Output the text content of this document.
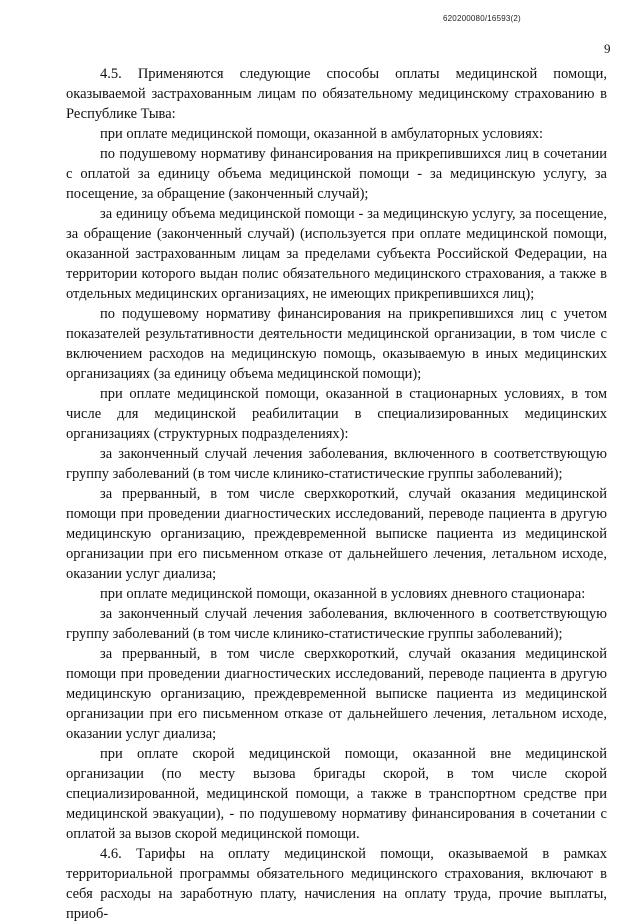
620200080/16593(2)
9

4.5. Применяются следующие способы оплаты медицинской помощи, оказываемой застрахованным лицам по обязательному медицинскому страхованию в Республике Тыва:

при оплате медицинской помощи, оказанной в амбулаторных условиях:

по подушевому нормативу финансирования на прикрепившихся лиц в сочетании с оплатой за единицу объема медицинской помощи - за медицинскую услугу, за посещение, за обращение (законченный случай);

за единицу объема медицинской помощи - за медицинскую услугу, за посещение, за обращение (законченный случай) (используется при оплате медицинской помощи, оказанной застрахованным лицам за пределами субъекта Российской Федерации, на территории которого выдан полис обязательного медицинского страхования, а также в отдельных медицинских организациях, не имеющих прикрепившихся лиц);

по подушевому нормативу финансирования на прикрепившихся лиц с учетом показателей результативности деятельности медицинской организации, в том числе с включением расходов на медицинскую помощь, оказываемую в иных медицинских организациях (за единицу объема медицинской помощи);

при оплате медицинской помощи, оказанной в стационарных условиях, в том числе для медицинской реабилитации в специализированных медицинских организациях (структурных подразделениях):

за законченный случай лечения заболевания, включенного в соответствующую группу заболеваний (в том числе клинико-статистические группы заболеваний);

за прерванный, в том числе сверхкороткий, случай оказания медицинской помощи при проведении диагностических исследований, переводе пациента в другую медицинскую организацию, преждевременной выписке пациента из медицинской организации при его письменном отказе от дальнейшего лечения, летальном исходе, оказании услуг диализа;

при оплате медицинской помощи, оказанной в условиях дневного стационара:

за законченный случай лечения заболевания, включенного в соответствующую группу заболеваний (в том числе клинико-статистические группы заболеваний);

за прерванный, в том числе сверхкороткий, случай оказания медицинской помощи при проведении диагностических исследований, переводе пациента в другую медицинскую организацию, преждевременной выписке пациента из медицинской организации при его письменном отказе от дальнейшего лечения, летальном исходе, оказании услуг диализа;

при оплате скорой медицинской помощи, оказанной вне медицинской организации (по месту вызова бригады скорой, в том числе скорой специализированной, медицинской помощи, а также в транспортном средстве при медицинской эвакуации), - по подушевому нормативу финансирования в сочетании с оплатой за вызов скорой медицинской помощи.

4.6. Тарифы на оплату медицинской помощи, оказываемой в рамках территориальной программы обязательного медицинского страхования, включают в себя расходы на заработную плату, начисления на оплату труда, прочие выплаты, приоб-
